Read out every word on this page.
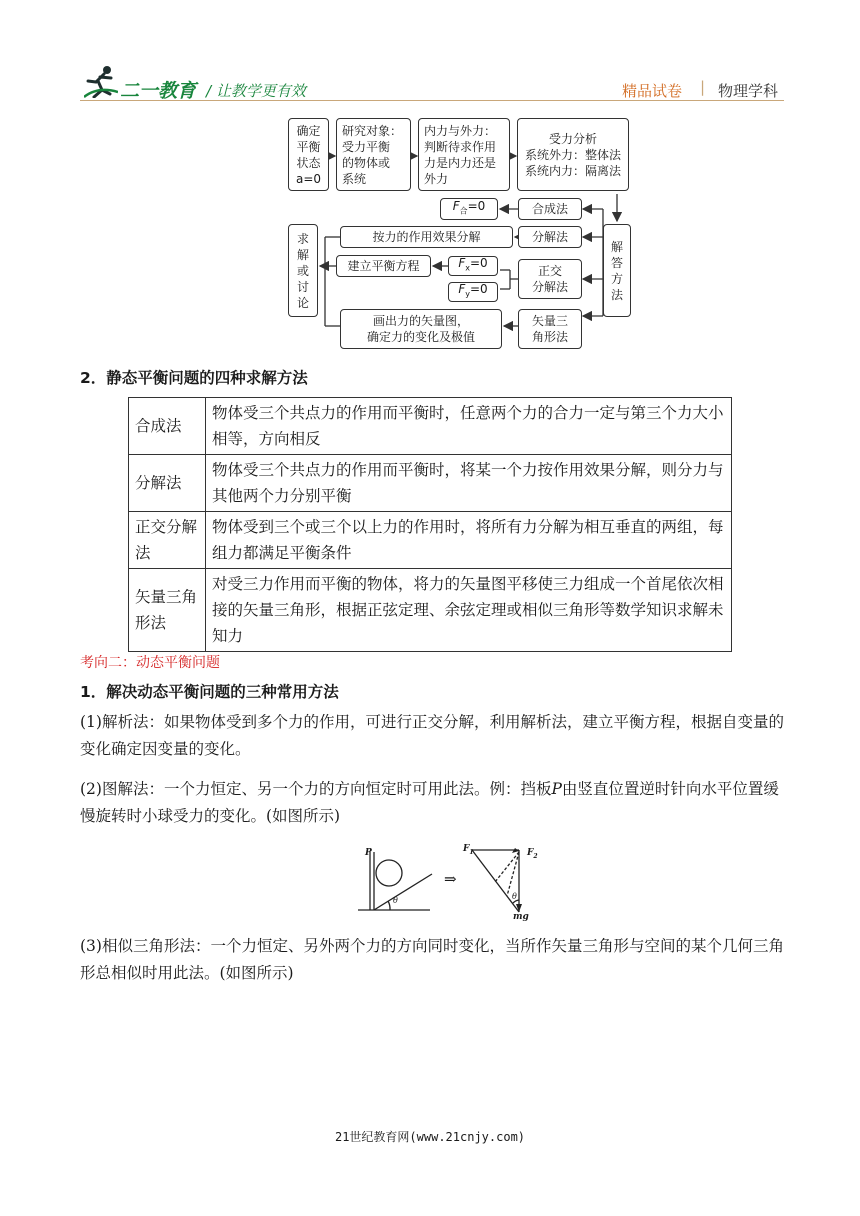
二一教育 / 让教学更有效	精品试卷 | 物理学科
确定
平衡
状态
a=0
研究对象：
受力平衡
的物体或
系统
内力与外力：
判断待求作用
力是内力还是
外力
受力分析
系统外力：整体法
系统内力：隔离法
解
答
方
法
合成法
分解法
正交
分解法
矢量三
角形法
$F_合=0$
按力的作用效果分解
$F_x=0$
$F_y=0$
建立平衡方程
画出力的矢量图，
确定力的变化及极值
求
解
或
讨
论
2．静态平衡问题的四种求解方法
合成法	物体受三个共点力的作用而平衡时，任意两个力的合力一定与第三个力大小相等，方向相反
分解法	物体受三个共点力的作用而平衡时，将某一个力按作用效果分解，则分力与其他两个力分别平衡
正交分解法	物体受到三个或三个以上力的作用时，将所有力分解为相互垂直的两组，每组力都满足平衡条件
矢量三角形法	对受三力作用而平衡的物体，将力的矢量图平移使三力组成一个首尾依次相接的矢量三角形，根据正弦定理、余弦定理或相似三角形等数学知识求解未知力
考向二：动态平衡问题
1．解决动态平衡问题的三种常用方法
(1)解析法：如果物体受到多个力的作用，可进行正交分解，利用解析法，建立平衡方程，根据自变量的变化确定因变量的变化。
(2)图解法：一个力恒定、另一个力的方向恒定时可用此法。例：挡板P由竖直位置逆时针向水平位置缓慢旋转时小球受力的变化。(如图所示)
P
θ
⇒
$F_1$	$F_2$
θ
mg
(3)相似三角形法：一个力恒定、另外两个力的方向同时变化，当所作矢量三角形与空间的某个几何三角形总相似时用此法。(如图所示)
21世纪教育网(www.21cnjy.com)
